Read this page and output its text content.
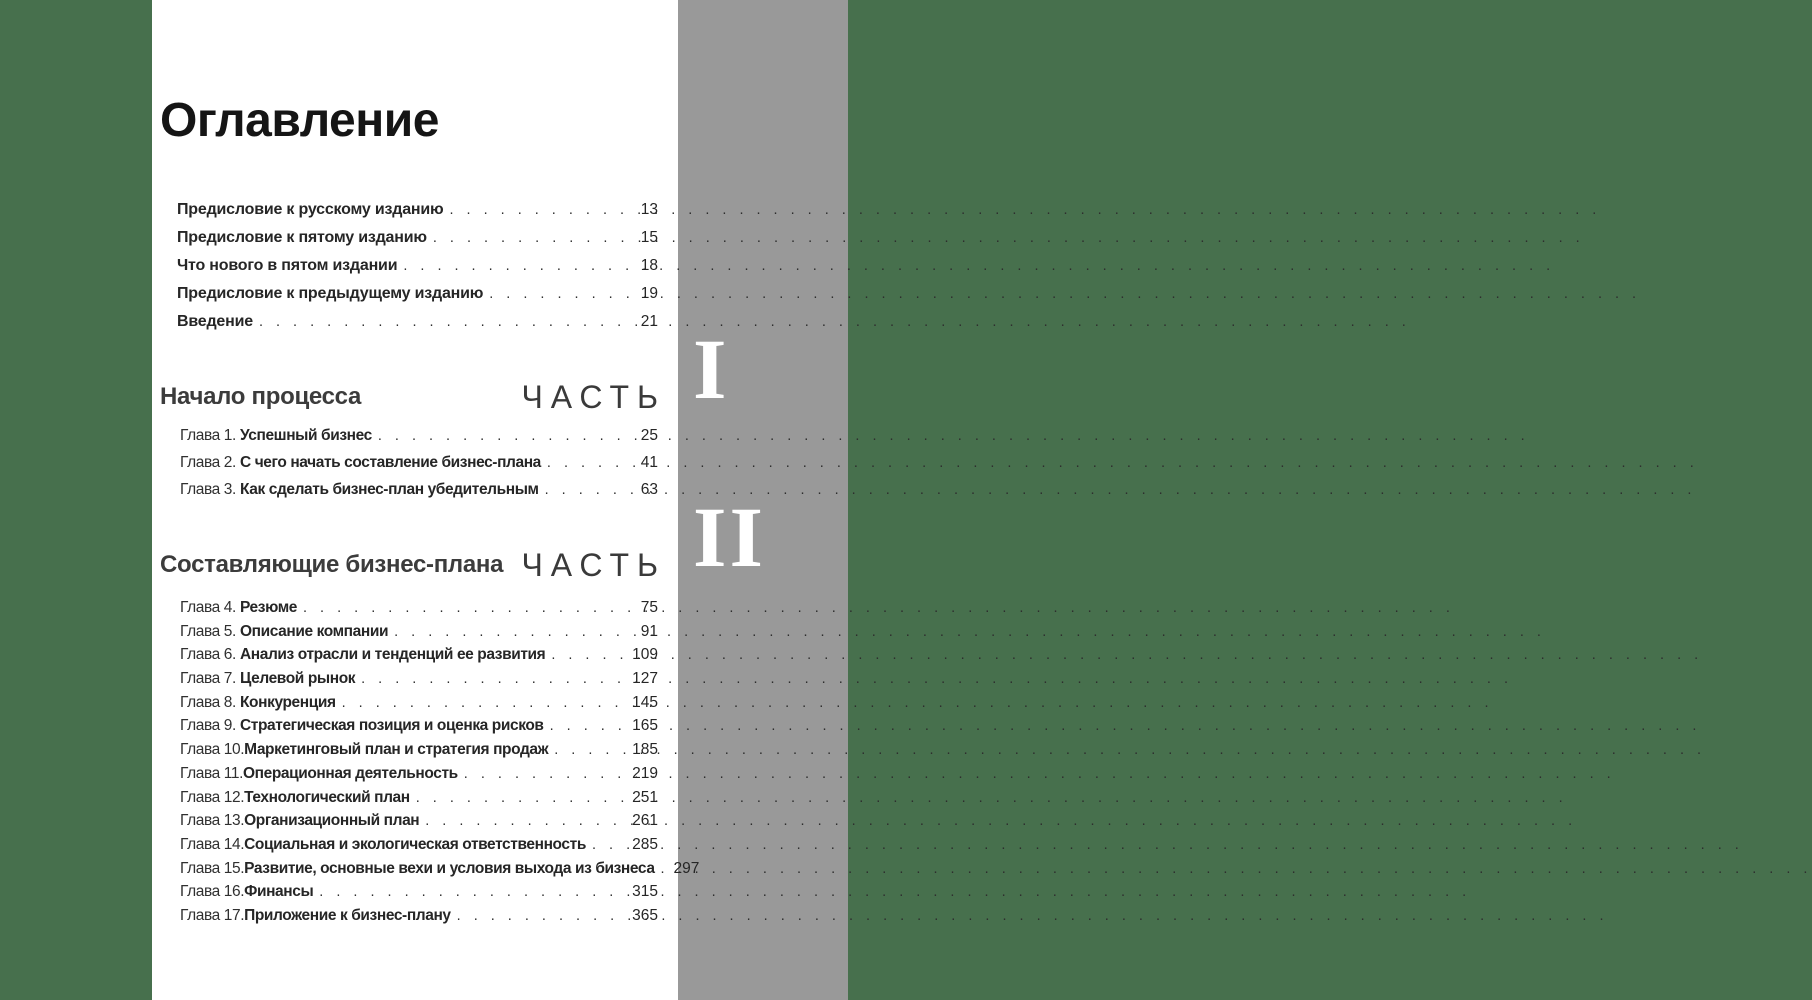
Оглавление
Предисловие к русскому изданию . . .	13
Предисловие к пятому изданию . . .	15
Что нового в пятом издании . . .	18
Предисловие к предыдущему изданию . . .	19
Введение . . .	21
Начало процесса	ЧАСТЬ I
Глава 1. Успешный бизнес . . .	25
Глава 2. С чего начать составление бизнес-плана . . .	41
Глава 3. Как сделать бизнес-план убедительным . . .	63
Составляющие бизнес-плана ЧАСТЬ II
Глава 4. Резюме . . .	75
Глава 5. Описание компании . . .	91
Глава 6. Анализ отрасли и тенденций ее развития . . .	109
Глава 7. Целевой рынок . . .	127
Глава 8. Конкуренция . . .	145
Глава 9. Стратегическая позиция и оценка рисков . . .	165
Глава 10. Маркетинговый план и стратегия продаж . . .	185
Глава 11. Операционная деятельность . . .	219
Глава 12. Технологический план . . .	251
Глава 13. Организационный план . . .	261
Глава 14. Социальная и экологическая ответственность . . .	285
Глава 15. Развитие, основные вехи и условия выхода из бизнеса . . . 297
Глава 16. Финансы . . .	315
Глава 17. Приложение к бизнес-плану . . .	365
